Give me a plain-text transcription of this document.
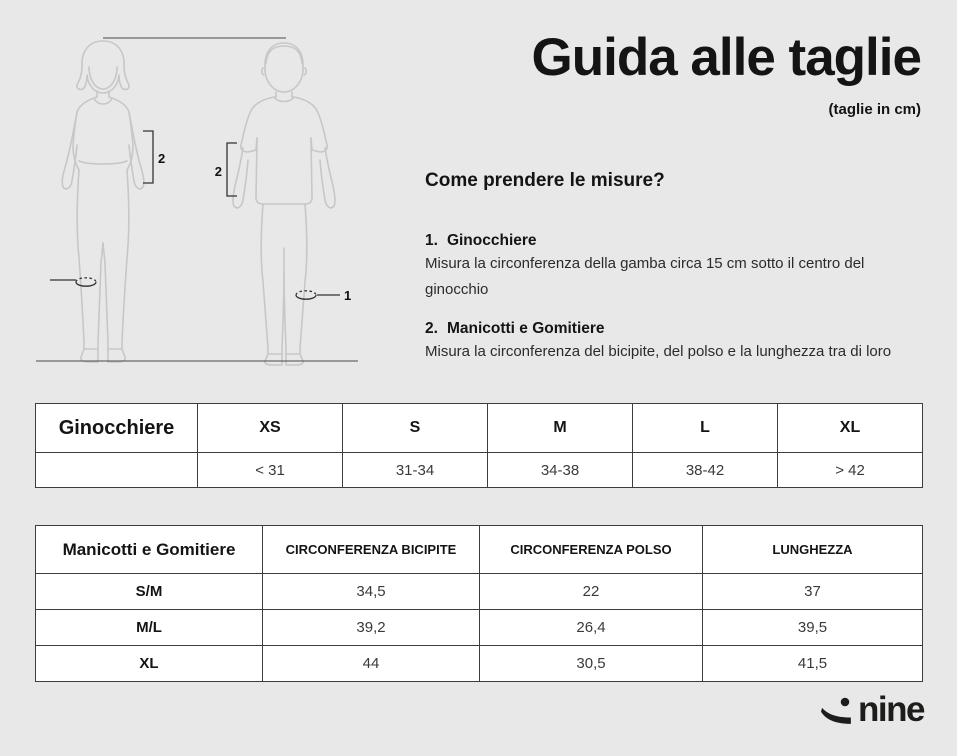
2
2
1
Guida alle taglie
(taglie in cm)
Come prendere le misure?
1. Ginocchiere

Misura la circonferenza della gamba circa 15 cm sotto il centro del ginocchio

2. Manicotti e Gomitiere

Misura la circonferenza del bicipite, del polso e la lunghezza tra di loro

Ginocchiere	XS	S	M	L	XL
	< 31	31-34	34-38	38-42	> 42
Manicotti e Gomitiere	CIRCONFERENZA BICIPITE	CIRCONFERENZA POLSO	LUNGHEZZA
S/M	34,5	22	37
M/L	39,2	26,4	39,5
XL	44	30,5	41,5
nine
